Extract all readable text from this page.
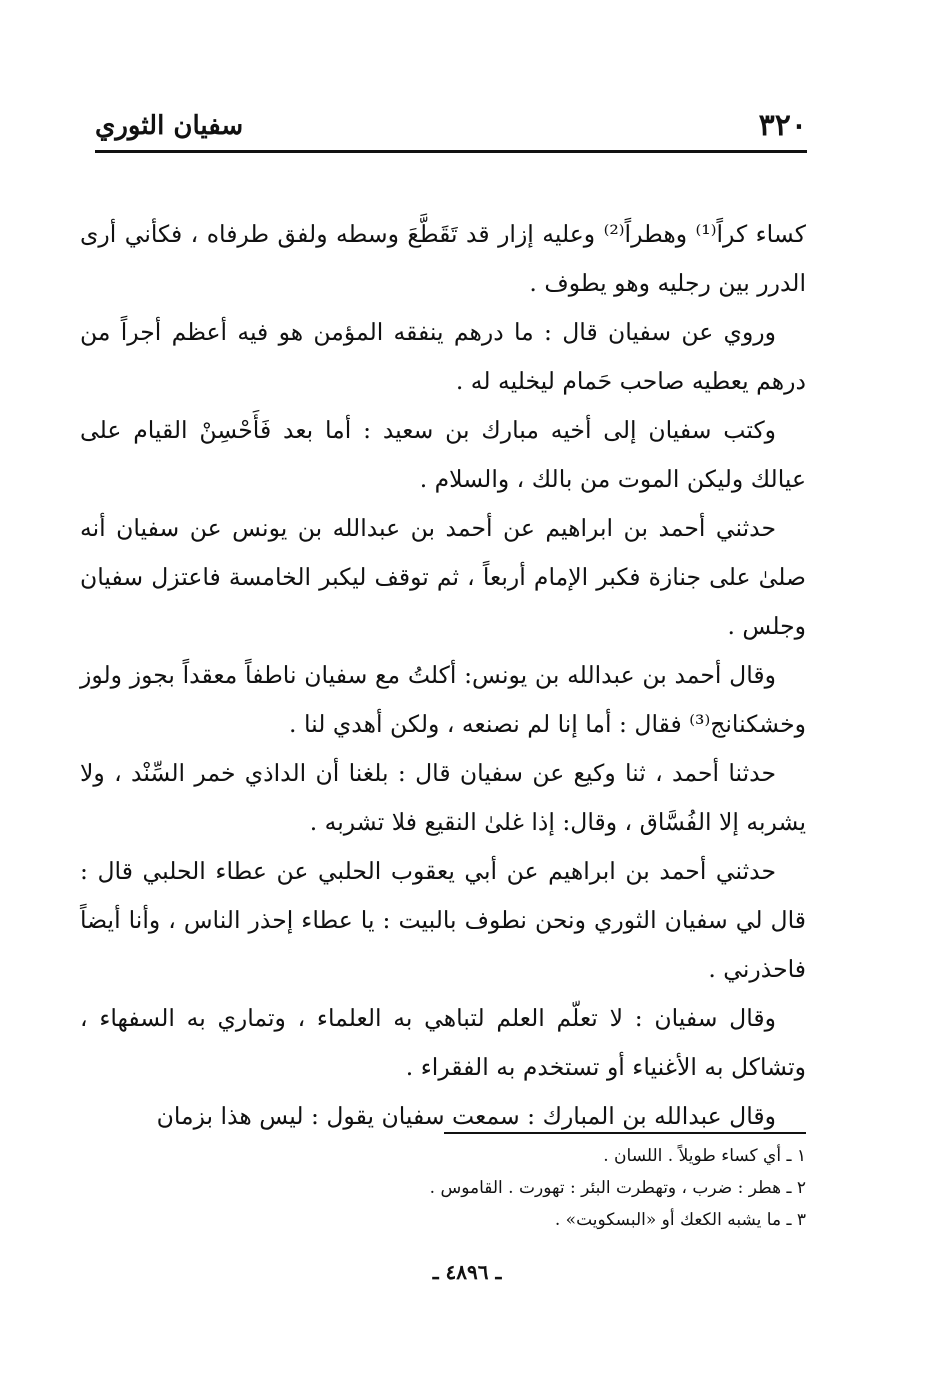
٣٢٠
سفيان الثوري

كساء كراً⁽¹⁾ وهطراً⁽²⁾ وعليه إزار قد تَقَطَّعَ وسطه ولفق طرفاه ، فكأني أرى الدرر بين رجليه وهو يطوف .

وروي عن سفيان قال : ما درهم ينفقه المؤمن هو فيه أعظم أجراً من درهم يعطيه صاحب حَمام ليخليه له .

وكتب سفيان إلى أخيه مبارك بن سعيد : أما بعد فَأَحْسِنْ القيام على عيالك وليكن الموت من بالك ، والسلام .

حدثني أحمد بن ابراهيم عن أحمد بن عبدالله بن يونس عن سفيان أنه صلىٰ على جنازة فكبر الإمام أربعاً ، ثم توقف ليكبر الخامسة فاعتزل سفيان وجلس .

وقال أحمد بن عبدالله بن يونس: أكلتُ مع سفيان ناطفاً معقداً بجوز ولوز وخشكنانج⁽³⁾ فقال : أما إنا لم نصنعه ، ولكن أهدي لنا .

حدثنا أحمد ، ثنا وكيع عن سفيان قال : بلغنا أن الداذي خمر السِّنْد ، ولا يشربه إلا الفُسَّاق ، وقال: إذا غلىٰ النقيع فلا تشربه .

حدثني أحمد بن ابراهيم عن أبي يعقوب الحلبي عن عطاء الحلبي قال : قال لي سفيان الثوري ونحن نطوف بالبيت : يا عطاء إحذر الناس ، وأنا أيضاً فاحذرني .

وقال سفيان : لا تعلّم العلم لتباهي به العلماء ، وتماري به السفهاء ، وتشاكل به الأغنياء أو تستخدم به الفقراء .

وقال عبدالله بن المبارك : سمعت سفيان يقول : ليس هذا بزمان

١ ـ أي كساء طويلاً . اللسان .
٢ ـ هطر : ضرب ، وتهطرت البئر : تهورت . القاموس .
٣ ـ ما يشبه الكعك أو «البسكويت» .
ـ ٤٨٩٦ ـ
